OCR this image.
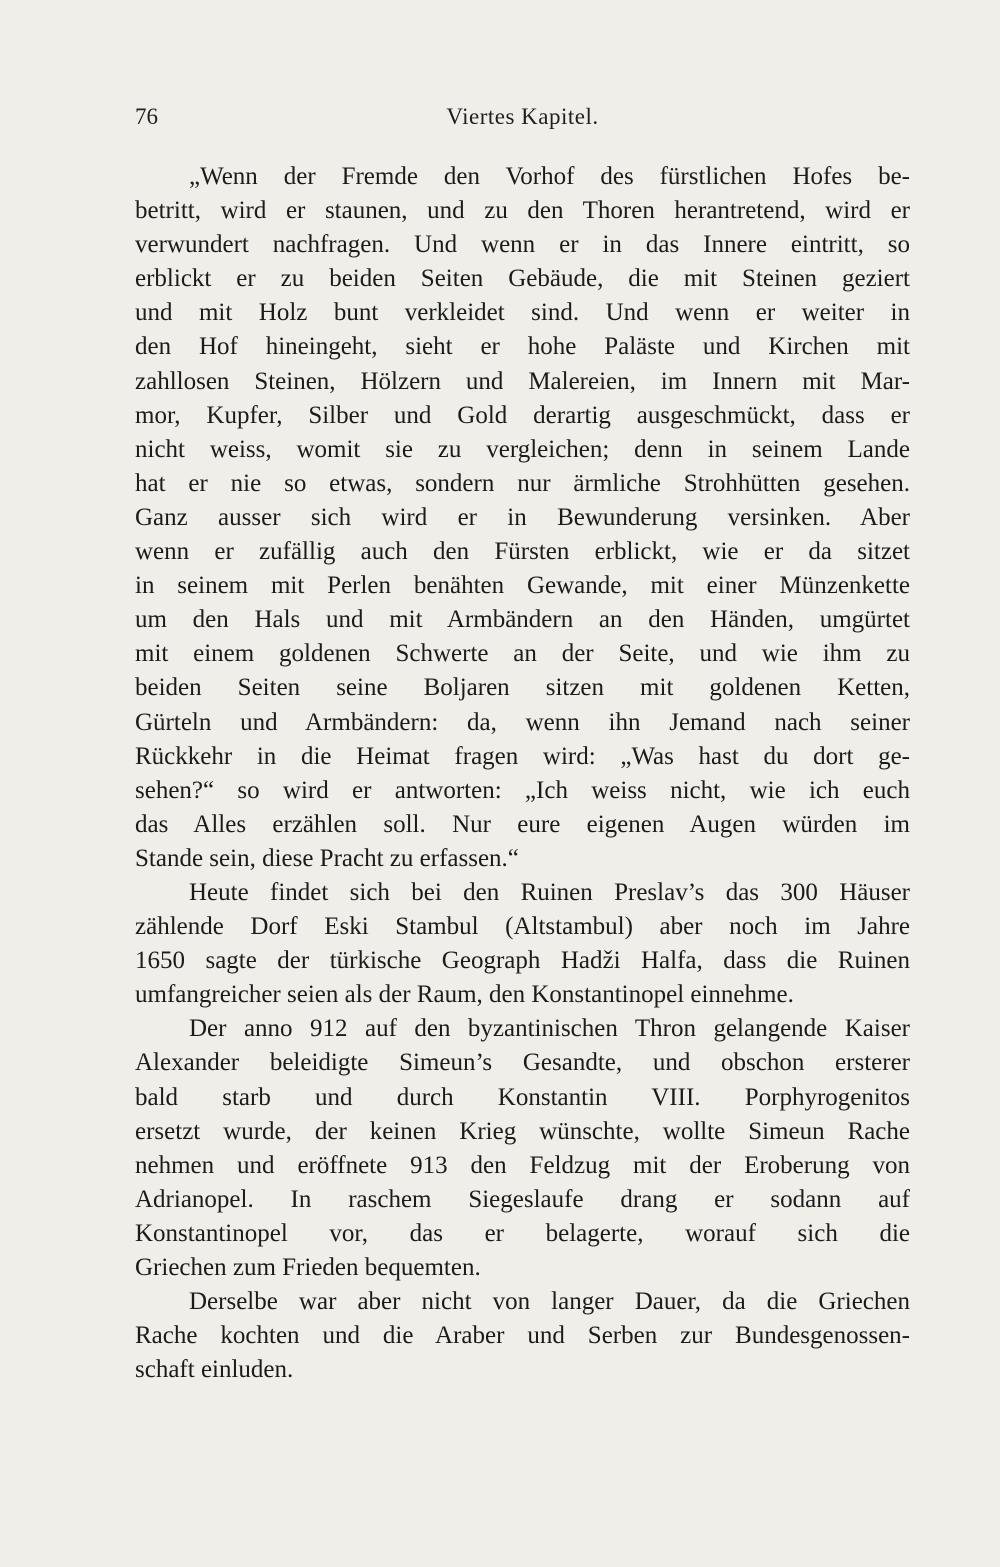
76	Viertes Kapitel.
„Wenn der Fremde den Vorhof des fürstlichen Hofes be-
betritt, wird er staunen, und zu den Thoren herantretend, wird er
verwundert nachfragen. Und wenn er in das Innere eintritt, so
erblickt er zu beiden Seiten Gebäude, die mit Steinen geziert
und mit Holz bunt verkleidet sind. Und wenn er weiter in
den Hof hineingeht, sieht er hohe Paläste und Kirchen mit
zahllosen Steinen, Hölzern und Malereien, im Innern mit Mar-
mor, Kupfer, Silber und Gold derartig ausgeschmückt, dass er
nicht weiss, womit sie zu vergleichen; denn in seinem Lande
hat er nie so etwas, sondern nur ärmliche Strohhütten gesehen.
Ganz ausser sich wird er in Bewunderung versinken. Aber
wenn er zufällig auch den Fürsten erblickt, wie er da sitzet
in seinem mit Perlen benähten Gewande, mit einer Münzenkette
um den Hals und mit Armbändern an den Händen, umgürtet
mit einem goldenen Schwerte an der Seite, und wie ihm zu
beiden Seiten seine Boljaren sitzen mit goldenen Ketten,
Gürteln und Armbändern: da, wenn ihn Jemand nach seiner
Rückkehr in die Heimat fragen wird: „Was hast du dort ge-
sehen?“ so wird er antworten: „Ich weiss nicht, wie ich euch
das Alles erzählen soll. Nur eure eigenen Augen würden im
Stande sein, diese Pracht zu erfassen.“
Heute findet sich bei den Ruinen Preslav’s das 300 Häuser
zählende Dorf Eski Stambul (Altstambul) aber noch im Jahre
1650 sagte der türkische Geograph Hadži Halfa, dass die Ruinen
umfangreicher seien als der Raum, den Konstantinopel einnehme.
Der anno 912 auf den byzantinischen Thron gelangende Kaiser
Alexander beleidigte Simeun’s Gesandte, und obschon ersterer
bald starb und durch Konstantin VIII. Porphyrogenitos
ersetzt wurde, der keinen Krieg wünschte, wollte Simeun Rache
nehmen und eröffnete 913 den Feldzug mit der Eroberung von
Adrianopel. In raschem Siegeslaufe drang er sodann auf
Konstantinopel vor, das er belagerte, worauf sich die
Griechen zum Frieden bequemten.
Derselbe war aber nicht von langer Dauer, da die Griechen
Rache kochten und die Araber und Serben zur Bundesgenossen-
schaft einluden.
